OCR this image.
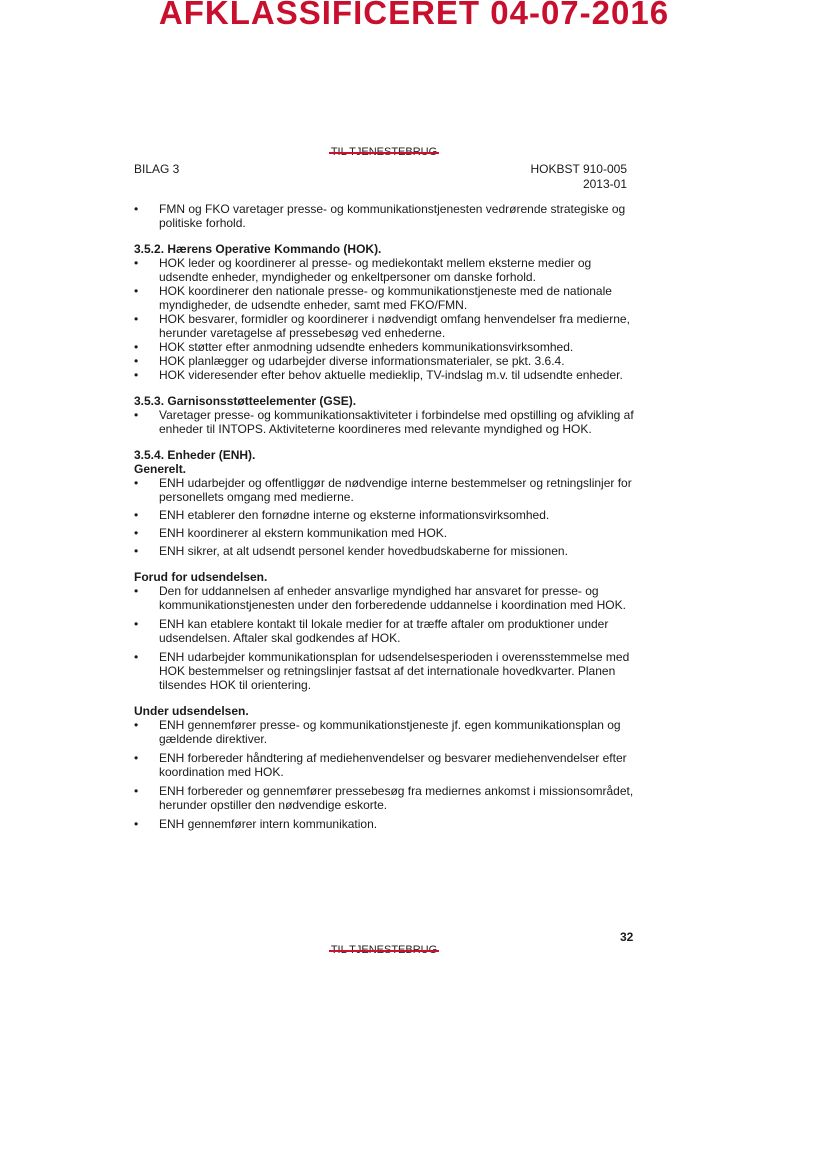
AFKLASSIFICERET 04-07-2016
TIL TJENESTEBRUG
BILAG 3	HOKBST 910-005
2013-01
• FMN og FKO varetager presse- og kommunikationstjenesten vedrørende strategiske og politiske forhold.

3.5.2. Hærens Operative Kommando (HOK).

• HOK leder og koordinerer al presse- og mediekontakt mellem eksterne medier og udsendte enheder, myndigheder og enkeltpersoner om danske forhold.
• HOK koordinerer den nationale presse- og kommunikationstjeneste med de nationale myndigheder, de udsendte enheder, samt med FKO/FMN.
• HOK besvarer, formidler og koordinerer i nødvendigt omfang henvendelser fra medierne, herunder varetagelse af pressebesøg ved enhederne.
• HOK støtter efter anmodning udsendte enheders kommunikationsvirksomhed.
• HOK planlægger og udarbejder diverse informationsmaterialer, se pkt. 3.6.4.
• HOK videresender efter behov aktuelle medieklip, TV-indslag m.v. til udsendte enheder.

3.5.3. Garnisonsstøtteelementer (GSE).

• Varetager presse- og kommunikationsaktiviteter i forbindelse med opstilling og afvikling af enheder til INTOPS. Aktiviteterne koordineres med relevante myndighed og HOK.

3.5.4. Enheder (ENH).

Generelt.

• ENH udarbejder og offentliggør de nødvendige interne bestemmelser og retningslinjer for personellets omgang med medierne.
• ENH etablerer den fornødne interne og eksterne informationsvirksomhed.
• ENH koordinerer al ekstern kommunikation med HOK.
• ENH sikrer, at alt udsendt personel kender hovedbudskaberne for missionen.

Forud for udsendelsen.

• Den for uddannelsen af enheder ansvarlige myndighed har ansvaret for presse- og kommunikationstjenesten under den forberedende uddannelse i koordination med HOK.
• ENH kan etablere kontakt til lokale medier for at træffe aftaler om produktioner under udsendelsen. Aftaler skal godkendes af HOK.
• ENH udarbejder kommunikationsplan for udsendelsesperioden i overensstemmelse med HOK bestemmelser og retningslinjer fastsat af det internationale hovedkvarter. Planen tilsendes HOK til orientering.

Under udsendelsen.

• ENH gennemfører presse- og kommunikationstjeneste jf. egen kommunikationsplan og gældende direktiver.
• ENH forbereder håndtering af mediehenvendelser og besvarer mediehenvendelser efter koordination med HOK.
• ENH forbereder og gennemfører pressebesøg fra mediernes ankomst i missionsområdet, herunder opstiller den nødvendige eskorte.
• ENH gennemfører intern kommunikation.
32
TIL TJENESTEBRUG
